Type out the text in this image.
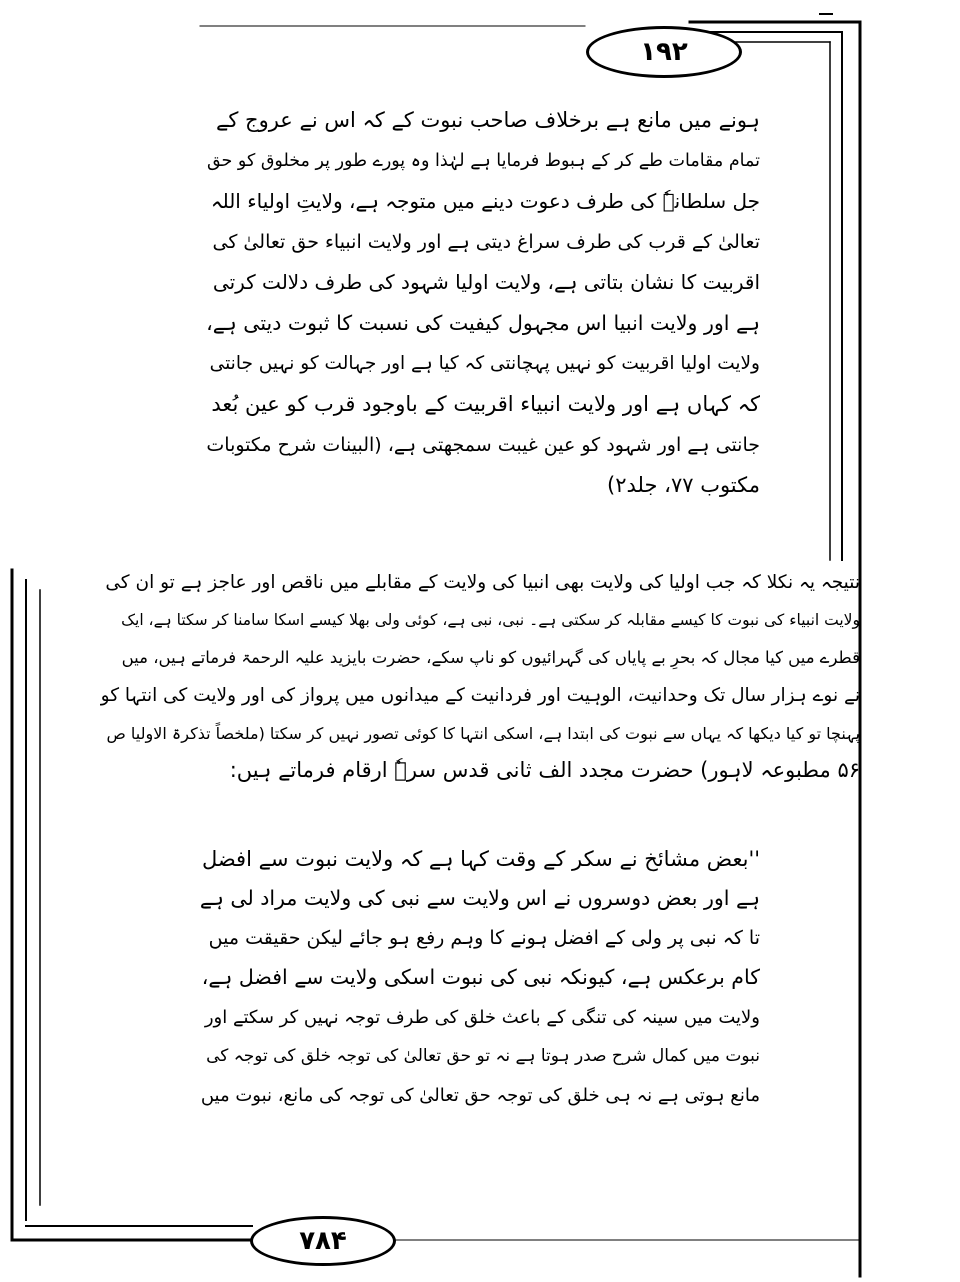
۱۹۲
ہونے میں مانع ہے برخلاف صاحب نبوت کے کہ اس نے عروج کے
تمام مقامات طے کر کے ہبوط فرمایا ہے لہٰذا وہ پورے طور پر مخلوق کو حق
جل سلطانہٗ کی طرف دعوت دینے میں متوجہ ہے، ولایتِ اولیاء اللہ
تعالیٰ کے قرب کی طرف سراغ دیتی ہے اور ولایت انبیاء حق تعالیٰ کی
اقربیت کا نشان بتاتی ہے، ولایت اولیا شہود کی طرف دلالت کرتی
ہے اور ولایت انبیا اس مجہول کیفیت کی نسبت کا ثبوت دیتی ہے،
ولایت اولیا اقربیت کو نہیں پہچانتی کہ کیا ہے اور جہالت کو نہیں جانتی
کہ کہاں ہے اور ولایت انبیاء اقربیت کے باوجود قرب کو عین بُعد
جانتی ہے اور شہود کو عین غیبت سمجھتی ہے، (البینات شرح مکتوبات
مکتوب ۷۷، جلد۲)
نتیجہ یہ نکلا کہ جب اولیا کی ولایت بھی انبیا کی ولایت کے مقابلے میں ناقص اور عاجز ہے تو ان کی
ولایت انبیاء کی نبوت کا کیسے مقابلہ کر سکتی ہے۔ نبی، نبی ہے، کوئی ولی بھلا کیسے اسکا سامنا کر سکتا ہے، ایک
قطرے میں کیا مجال کہ بحرِ بے پایاں کی گہرائیوں کو ناپ سکے، حضرت بایزید علیہ الرحمۃ فرماتے ہیں، میں
نے نوے ہزار سال تک وحدانیت، الوہیت اور فردانیت کے میدانوں میں پرواز کی اور ولایت کی انتہا کو
پہنچا تو کیا دیکھا کہ یہاں سے نبوت کی ابتدا ہے، اسکی انتہا کا کوئی تصور نہیں کر سکتا (ملخصاً تذکرۃ الاولیا ص
۵۶ مطبوعہ لاہور) حضرت مجدد الف ثانی قدس سرہٗ ارقام فرماتے ہیں:
''بعض مشائخ نے سکر کے وقت کہا ہے کہ ولایت نبوت سے افضل
ہے اور بعض دوسروں نے اس ولایت سے نبی کی ولایت مراد لی ہے
تا کہ نبی پر ولی کے افضل ہونے کا وہم رفع ہو جائے لیکن حقیقت میں
کام برعکس ہے، کیونکہ نبی کی نبوت اسکی ولایت سے افضل ہے،
ولایت میں سینہ کی تنگی کے باعث خلق کی طرف توجہ نہیں کر سکتے اور
نبوت میں کمال شرح صدر ہوتا ہے نہ تو حق تعالیٰ کی توجہ خلق کی توجہ کی
مانع ہوتی ہے نہ ہی خلق کی توجہ حق تعالیٰ کی توجہ کی مانع، نبوت میں
۷۸۴
